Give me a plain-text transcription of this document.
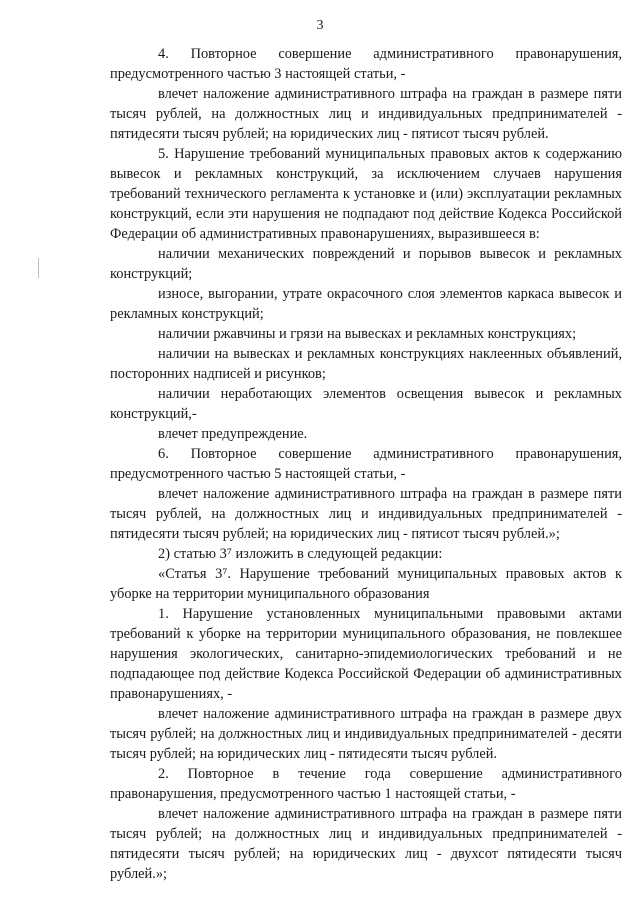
3

4. Повторное совершение административного правонарушения, предусмотренного частью 3 настоящей статьи, -

влечет наложение административного штрафа на граждан в размере пяти тысяч рублей, на должностных лиц и индивидуальных предпринимателей - пятидесяти тысяч рублей; на юридических лиц - пятисот тысяч рублей.

5. Нарушение требований муниципальных правовых актов к содержанию вывесок и рекламных конструкций, за исключением случаев нарушения требований технического регламента к установке и (или) эксплуатации рекламных конструкций, если эти нарушения не подпадают под действие Кодекса Российской Федерации об административных правонарушениях, выразившееся в:

наличии механических повреждений и порывов вывесок и рекламных конструкций;

износе, выгорании, утрате окрасочного слоя элементов каркаса вывесок и рекламных конструкций;

наличии ржавчины и грязи на вывесках и рекламных конструкциях;

наличии на вывесках и рекламных конструкциях наклеенных объявлений, посторонних надписей и рисунков;

наличии неработающих элементов освещения вывесок и рекламных конструкций,-

влечет предупреждение.

6. Повторное совершение административного правонарушения, предусмотренного частью 5 настоящей статьи, -

влечет наложение административного штрафа на граждан в размере пяти тысяч рублей, на должностных лиц и индивидуальных предпринимателей - пятидесяти тысяч рублей; на юридических лиц - пятисот тысяч рублей.»;

2) статью 3⁷ изложить в следующей редакции:

«Статья 3⁷. Нарушение требований муниципальных правовых актов к уборке на территории муниципального образования

1. Нарушение установленных муниципальными правовыми актами требований к уборке на территории муниципального образования, не повлекшее нарушения экологических, санитарно-эпидемиологических требований и не подпадающее под действие Кодекса Российской Федерации об административных правонарушениях, -

влечет наложение административного штрафа на граждан в размере двух тысяч рублей; на должностных лиц и индивидуальных предпринимателей - десяти тысяч рублей; на юридических лиц - пятидесяти тысяч рублей.

2. Повторное в течение года совершение административного правонарушения, предусмотренного частью 1 настоящей статьи, -

влечет наложение административного штрафа на граждан в размере пяти тысяч рублей; на должностных лиц и индивидуальных предпринимателей - пятидесяти тысяч рублей; на юридических лиц - двухсот пятидесяти тысяч рублей.»;
